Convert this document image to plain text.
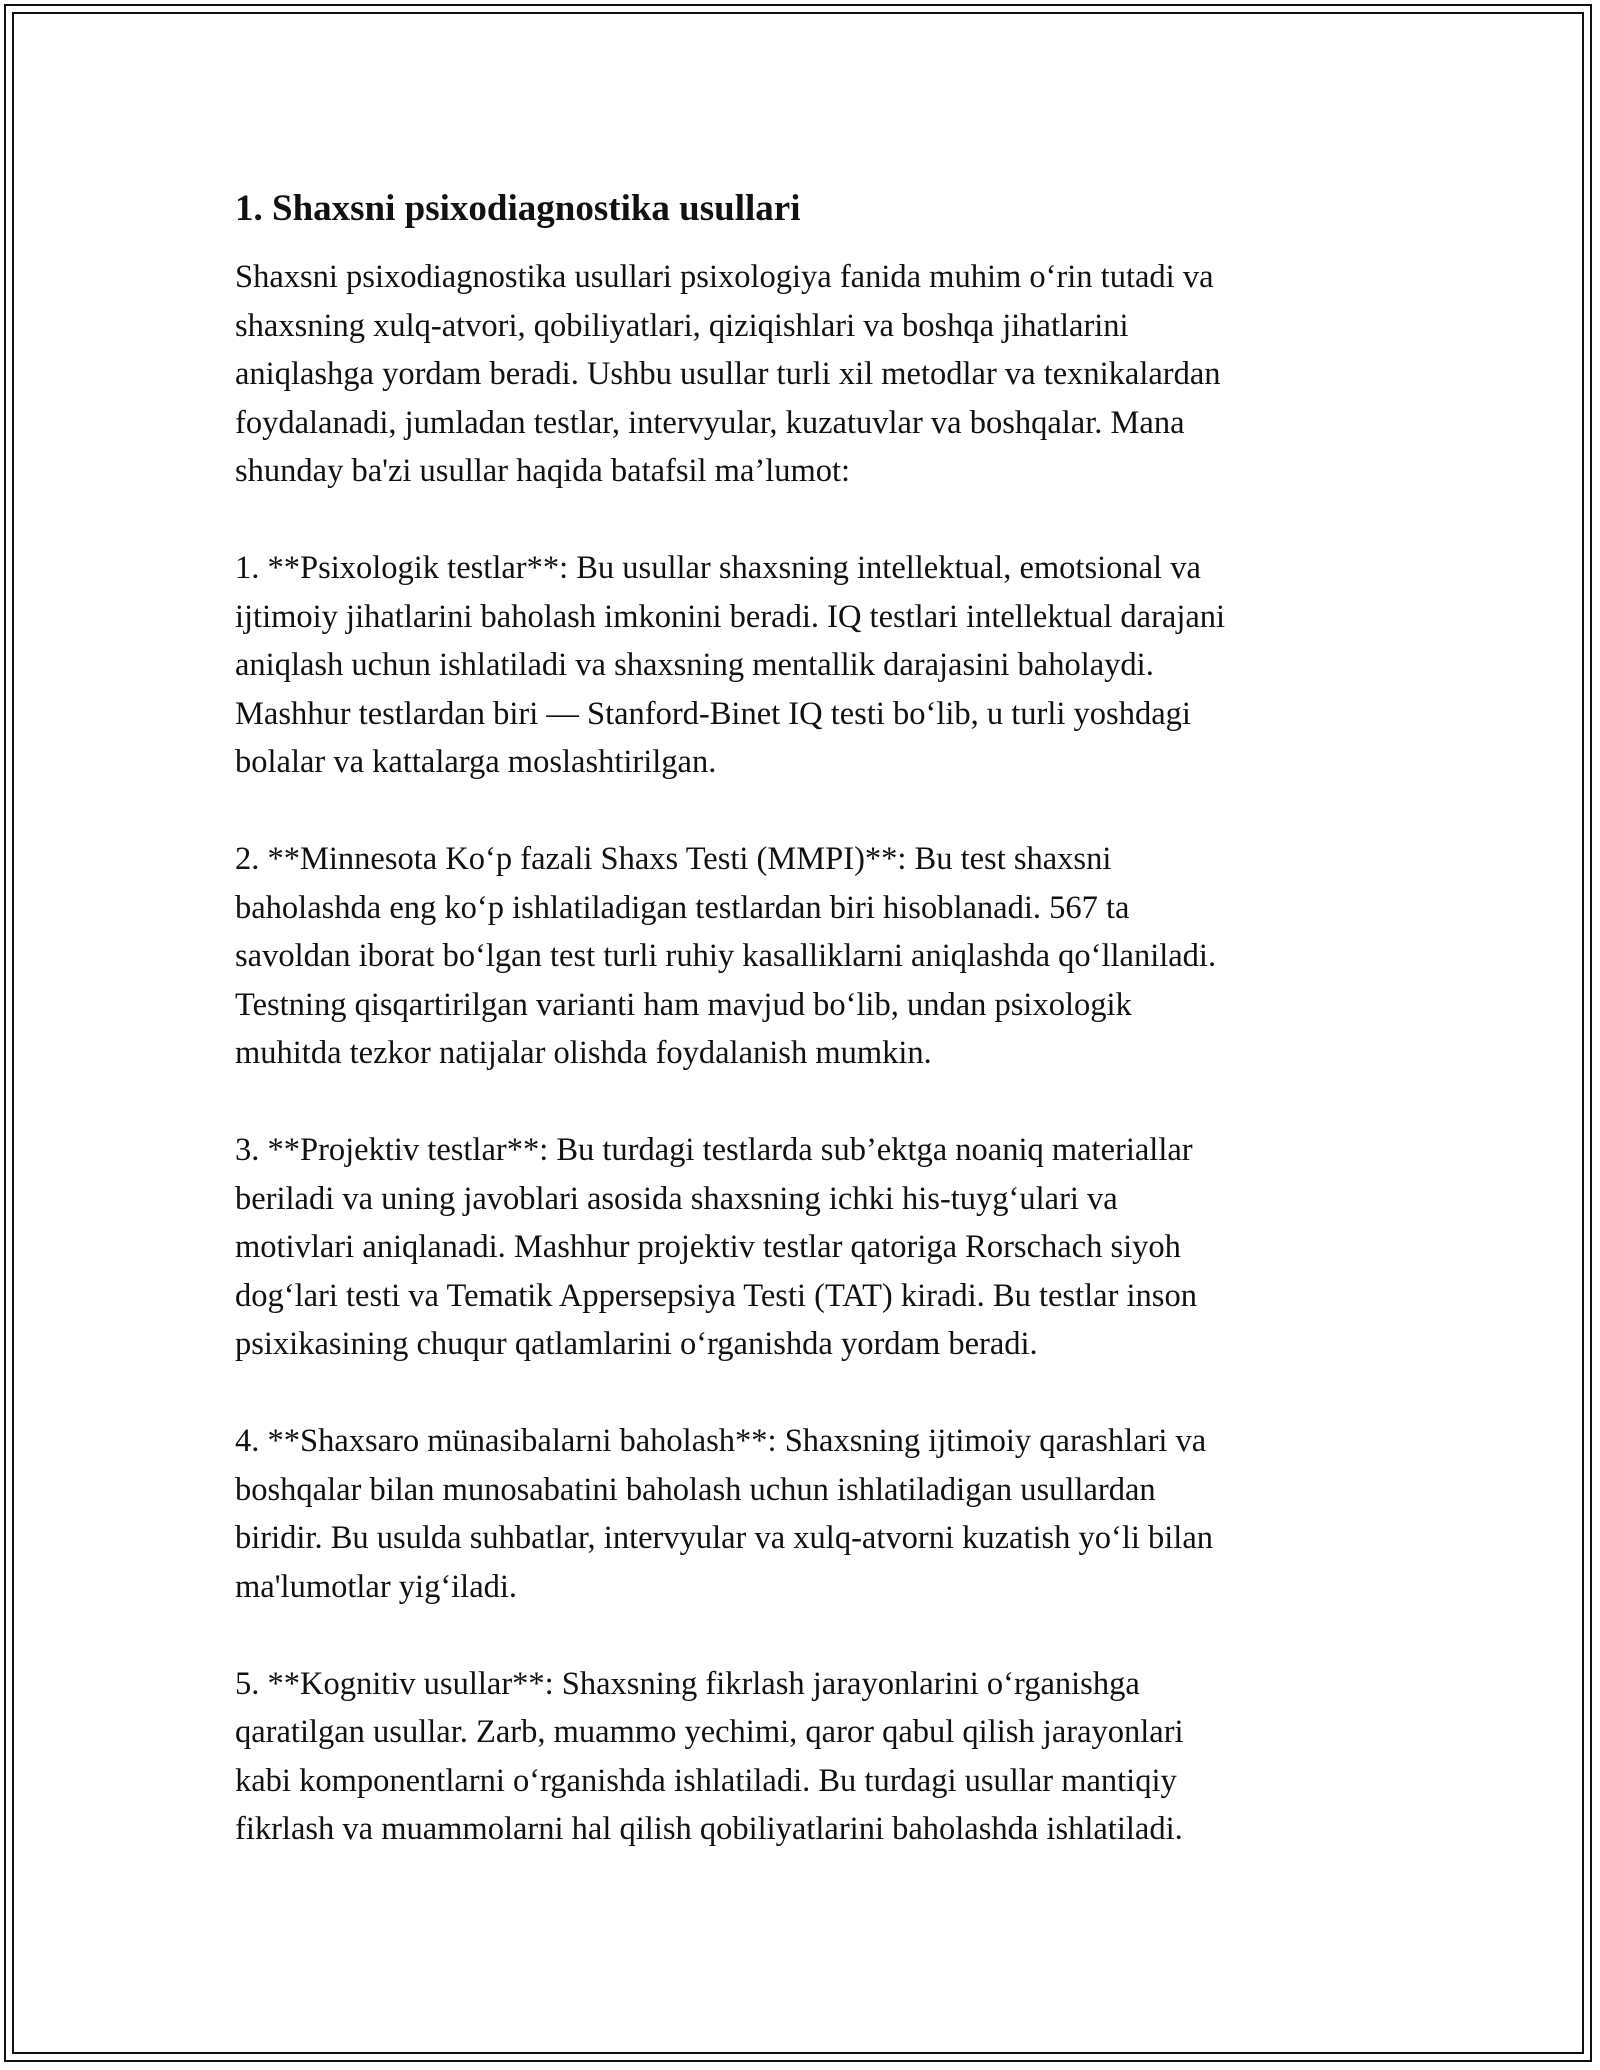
1. Shaxsni psixodiagnostika usullari

Shaxsni psixodiagnostika usullari psixologiya fanida muhim o‘rin tutadi va
shaxsning xulq-atvori, qobiliyatlari, qiziqishlari va boshqa jihatlarini
aniqlashga yordam beradi. Ushbu usullar turli xil metodlar va texnikalardan
foydalanadi, jumladan testlar, intervyular, kuzatuvlar va boshqalar. Mana
shunday ba'zi usullar haqida batafsil ma’lumot:

1. **Psixologik testlar**: Bu usullar shaxsning intellektual, emotsional va
ijtimoiy jihatlarini baholash imkonini beradi. IQ testlari intellektual darajani
aniqlash uchun ishlatiladi va shaxsning mentallik darajasini baholaydi.
Mashhur testlardan biri — Stanford-Binet IQ testi bo‘lib, u turli yoshdagi
bolalar va kattalarga moslashtirilgan.

2. **Minnesota Ko‘p fazali Shaxs Testi (MMPI)**: Bu test shaxsni
baholashda eng ko‘p ishlatiladigan testlardan biri hisoblanadi. 567 ta
savoldan iborat bo‘lgan test turli ruhiy kasalliklarni aniqlashda qo‘llaniladi.
Testning qisqartirilgan varianti ham mavjud bo‘lib, undan psixologik
muhitda tezkor natijalar olishda foydalanish mumkin.

3. **Projektiv testlar**: Bu turdagi testlarda sub’ektga noaniq materiallar
beriladi va uning javoblari asosida shaxsning ichki his-tuyg‘ulari va
motivlari aniqlanadi. Mashhur projektiv testlar qatoriga Rorschach siyoh
dog‘lari testi va Tematik Appersepsiya Testi (TAT) kiradi. Bu testlar inson
psixikasining chuqur qatlamlarini o‘rganishda yordam beradi.

4. **Shaxsaro münasibalarni baholash**: Shaxsning ijtimoiy qarashlari va
boshqalar bilan munosabatini baholash uchun ishlatiladigan usullardan
biridir. Bu usulda suhbatlar, intervyular va xulq-atvorni kuzatish yo‘li bilan
ma'lumotlar yig‘iladi.

5. **Kognitiv usullar**: Shaxsning fikrlash jarayonlarini o‘rganishga
qaratilgan usullar. Zarb, muammo yechimi, qaror qabul qilish jarayonlari
kabi komponentlarni o‘rganishda ishlatiladi. Bu turdagi usullar mantiqiy
fikrlash va muammolarni hal qilish qobiliyatlarini baholashda ishlatiladi.
